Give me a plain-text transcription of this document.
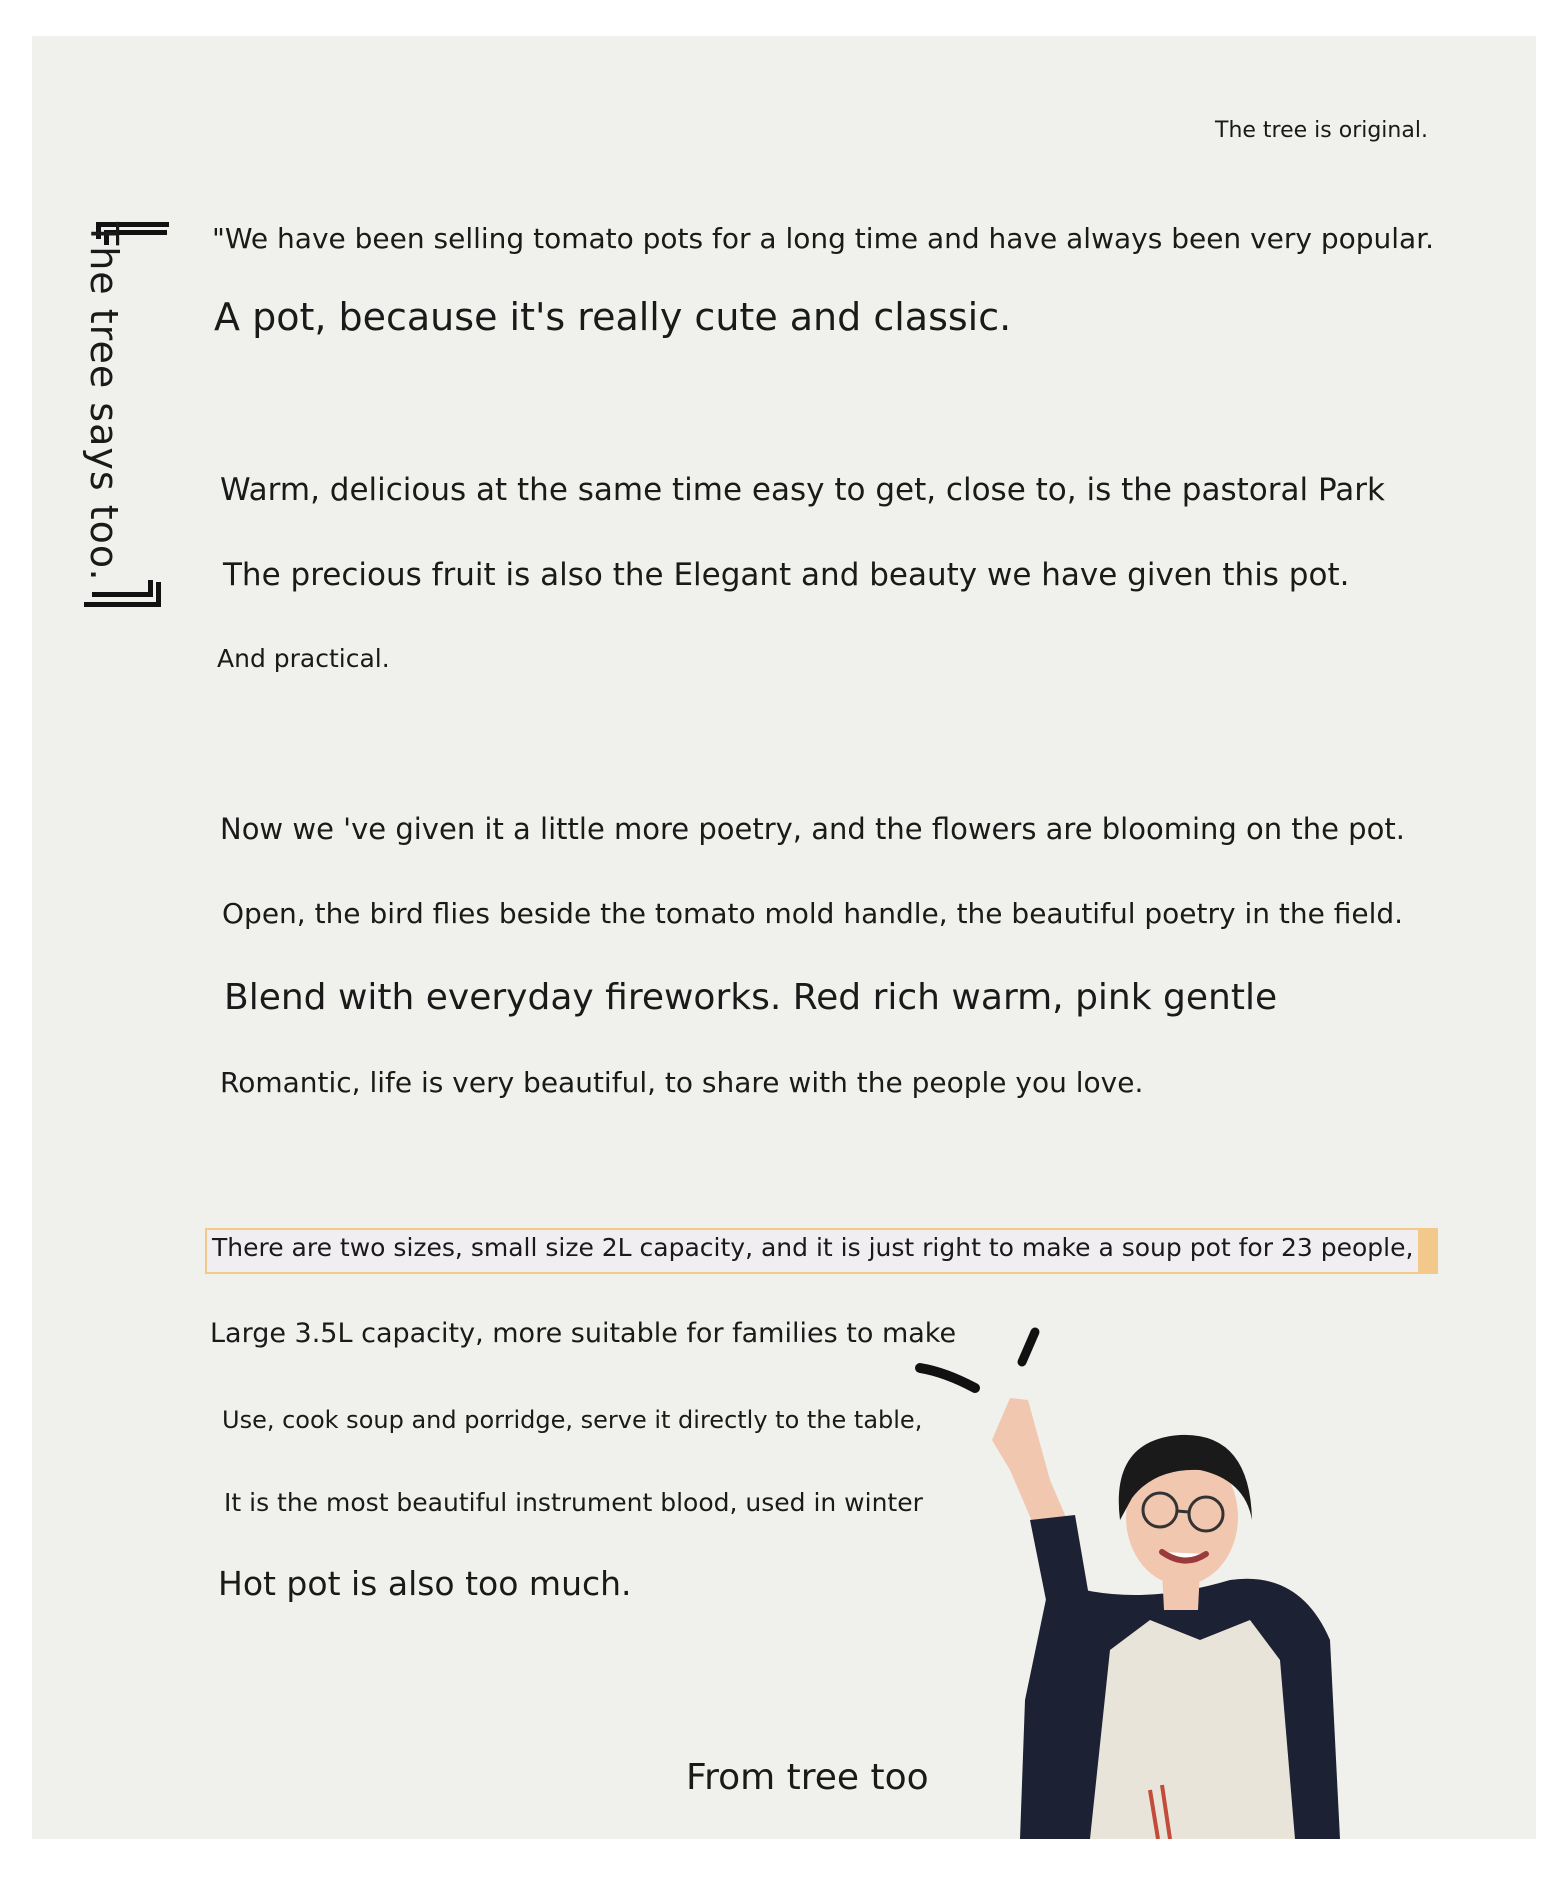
The tree is original.
The tree says too.	"We have been selling tomato pots for a long time and have always been very popular.
A pot, because it's really cute and classic.
Warm, delicious at the same time easy to get, close to, is the pastoral Park
The precious fruit is also the Elegant and beauty we have given this pot.
And practical.
Now we 've given it a little more poetry, and the flowers are blooming on the pot.
Open, the bird flies beside the tomato mold handle, the beautiful poetry in the field.
Blend with everyday fireworks. Red rich warm, pink gentle
Romantic, life is very beautiful, to share with the people you love.
There are two sizes, small size 2L capacity, and it is just right to make a soup pot for 23 people,
Large 3.5L capacity, more suitable for families to make
Use, cook soup and porridge, serve it directly to the table,
It is the most beautiful instrument blood, used in winter
Hot pot is also too much.
From tree too
